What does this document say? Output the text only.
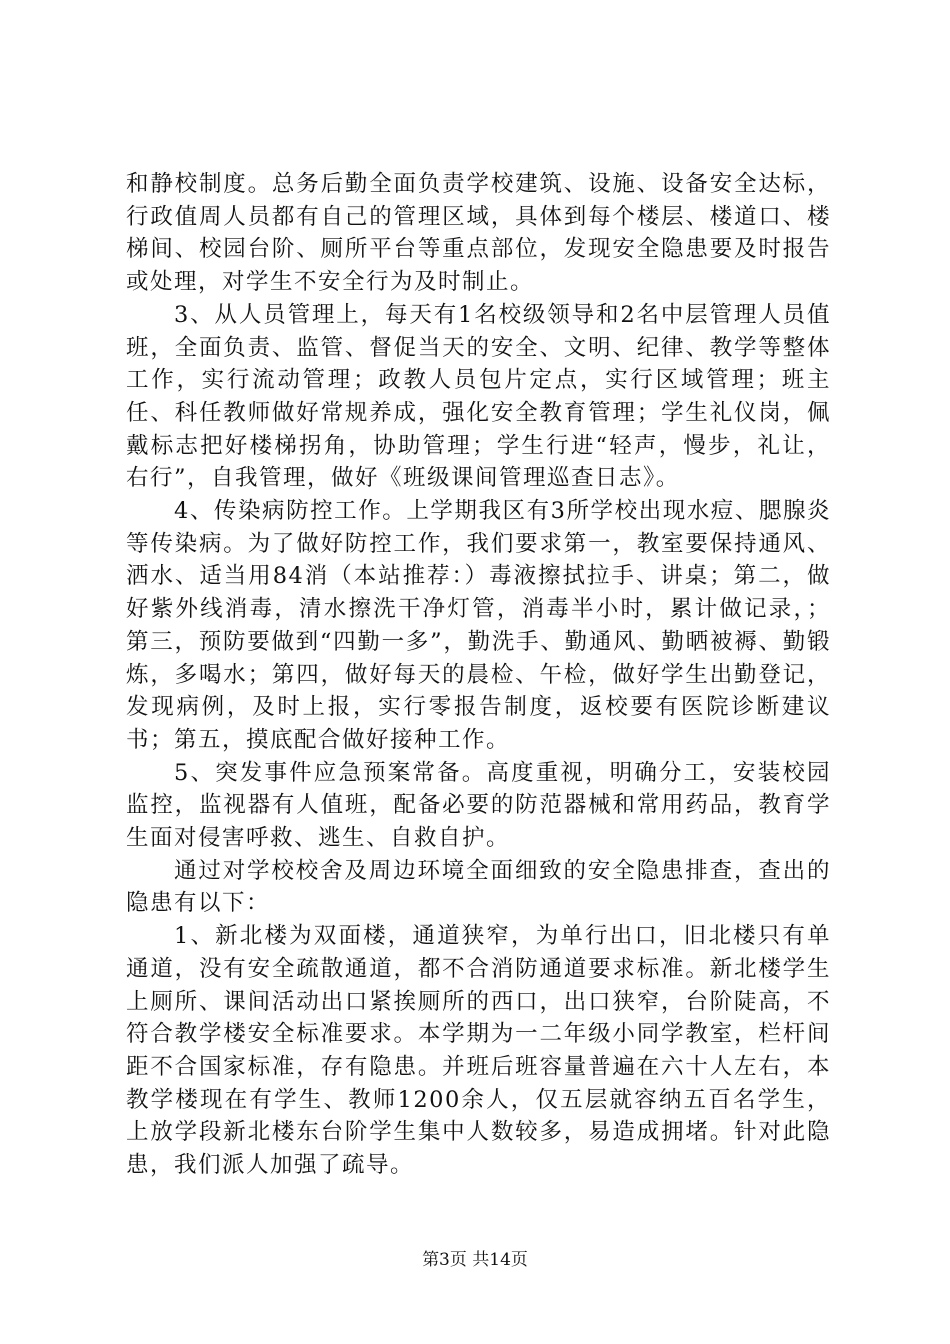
和静校制度。总务后勤全面负责学校建筑、设施、设备安全达标，行政值周人员都有自己的管理区域，具体到每个楼层、楼道口、楼梯间、校园台阶、厕所平台等重点部位，发现安全隐患要及时报告或处理，对学生不安全行为及时制止。

3、从人员管理上，每天有1名校级领导和2名中层管理人员值班，全面负责、监管、督促当天的安全、文明、纪律、教学等整体工作，实行流动管理；政教人员包片定点，实行区域管理；班主任、科任教师做好常规养成，强化安全教育管理；学生礼仪岗，佩戴标志把好楼梯拐角，协助管理；学生行进“轻声，慢步，礼让，右行”，自我管理，做好《班级课间管理巡查日志》。

4、传染病防控工作。上学期我区有3所学校出现水痘、腮腺炎等传染病。为了做好防控工作，我们要求第一，教室要保持通风、洒水、适当用84消（本站推荐：）毒液擦拭拉手、讲桌；第二，做好紫外线消毒，清水擦洗干净灯管，消毒半小时，累计做记录，；第三，预防要做到“四勤一多”，勤洗手、勤通风、勤晒被褥、勤锻炼，多喝水；第四，做好每天的晨检、午检，做好学生出勤登记，发现病例，及时上报，实行零报告制度，返校要有医院诊断建议书；第五，摸底配合做好接种工作。

5、突发事件应急预案常备。高度重视，明确分工，安装校园监控，监视器有人值班，配备必要的防范器械和常用药品，教育学生面对侵害呼救、逃生、自救自护。

通过对学校校舍及周边环境全面细致的安全隐患排查，查出的隐患有以下：

1、新北楼为双面楼，通道狭窄，为单行出口，旧北楼只有单通道，没有安全疏散通道，都不合消防通道要求标准。新北楼学生上厕所、课间活动出口紧挨厕所的西口，出口狭窄，台阶陡高，不符合教学楼安全标准要求。本学期为一二年级小同学教室，栏杆间距不合国家标准，存有隐患。并班后班容量普遍在六十人左右，本教学楼现在有学生、教师1200余人，仅五层就容纳五百名学生，上放学段新北楼东台阶学生集中人数较多，易造成拥堵。针对此隐患，我们派人加强了疏导。

第3页 共14页
